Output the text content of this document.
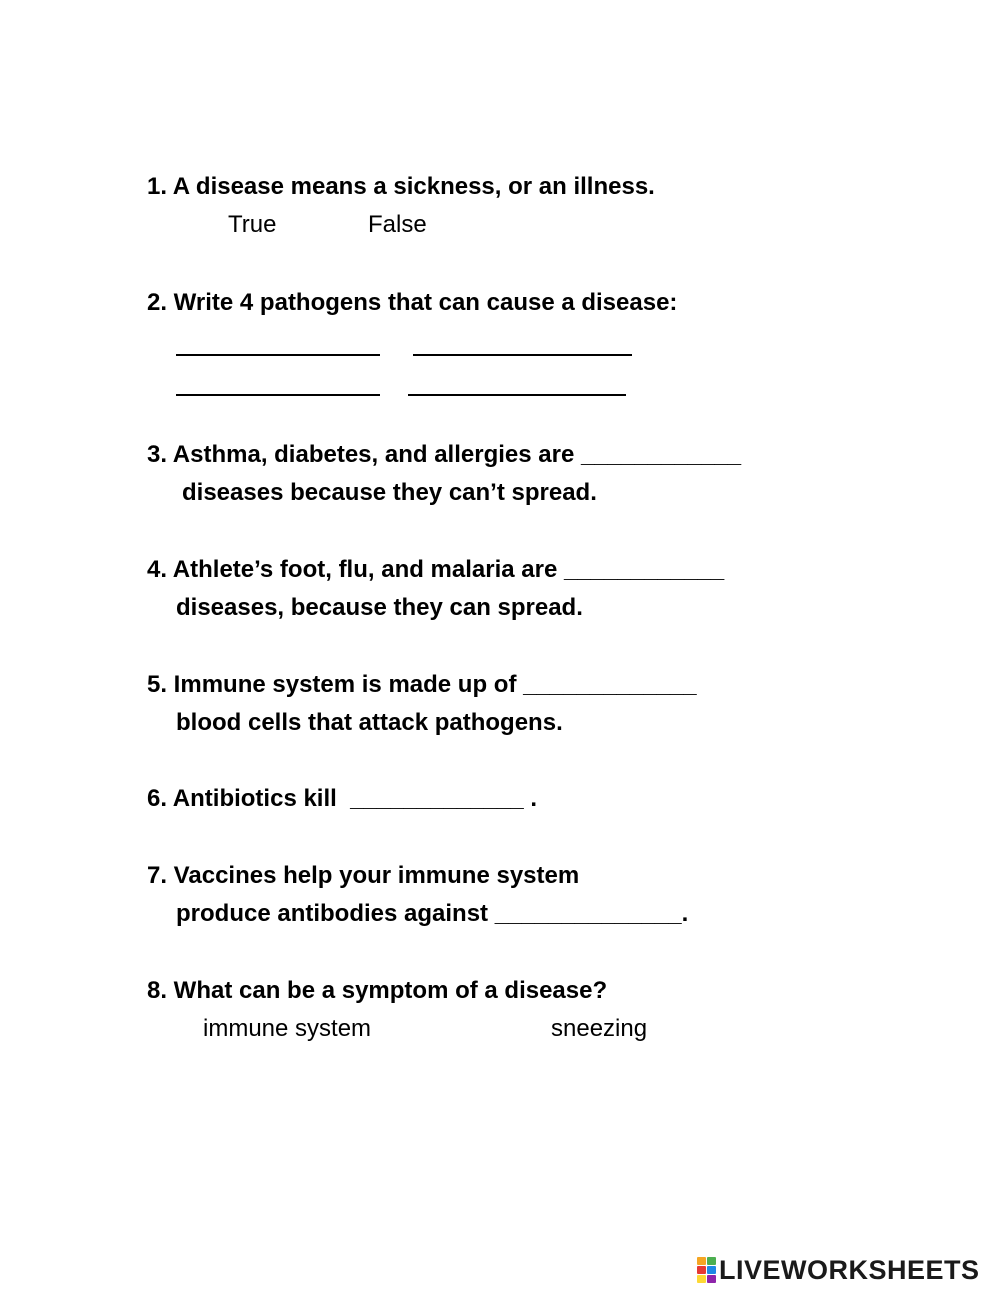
1. A disease means a sickness, or an illness.
True	False
2. Write 4 pathogens that can cause a disease:
3. Asthma, diabetes, and allergies are ____________
diseases because they can’t spread.
4. Athlete’s foot, flu, and malaria are ____________
diseases, because they can spread.
5. Immune system is made up of _____________
blood cells that attack pathogens.
6. Antibiotics kill  _____________ .
7. Vaccines help your immune system
produce antibodies against ______________.
8. What can be a symptom of a disease?
immune system	sneezing
LIVEWORKSHEETS
